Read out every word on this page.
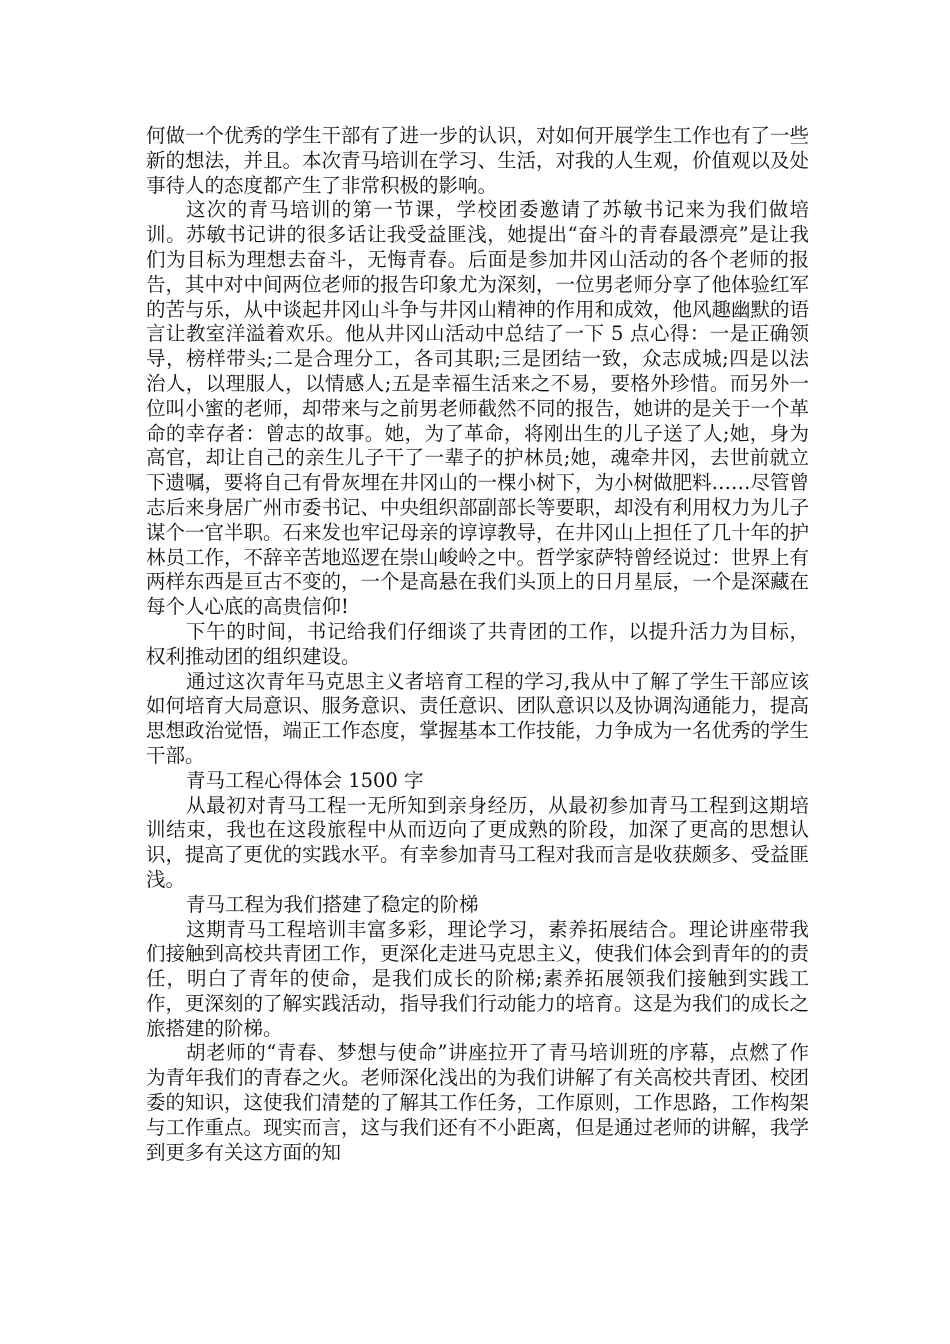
何做一个优秀的学生干部有了进一步的认识，对如何开展学生工作也有了一些新的想法，并且。本次青马培训在学习、生活，对我的人生观，价值观以及处事待人的态度都产生了非常积极的影响。

这次的青马培训的第一节课，学校团委邀请了苏敏书记来为我们做培训。苏敏书记讲的很多话让我受益匪浅，她提出“奋斗的青春最漂亮”是让我们为目标为理想去奋斗，无悔青春。后面是参加井冈山活动的各个老师的报告，其中对中间两位老师的报告印象尤为深刻，一位男老师分享了他体验红军的苦与乐，从中谈起井冈山斗争与井冈山精神的作用和成效，他风趣幽默的语言让教室洋溢着欢乐。他从井冈山活动中总结了一下 5 点心得：一是正确领导，榜样带头;二是合理分工，各司其职;三是团结一致，众志成城;四是以法治人，以理服人，以情感人;五是幸福生活来之不易，要格外珍惜。而另外一位叫小蜜的老师，却带来与之前男老师截然不同的报告，她讲的是关于一个革命的幸存者：曾志的故事。她，为了革命，将刚出生的儿子送了人;她，身为高官，却让自己的亲生儿子干了一辈子的护林员;她，魂牵井冈，去世前就立下遗嘱，要将自己有骨灰埋在井冈山的一棵小树下，为小树做肥料……尽管曾志后来身居广州市委书记、中央组织部副部长等要职，却没有利用权力为儿子谋个一官半职。石来发也牢记母亲的谆谆教导，在井冈山上担任了几十年的护林员工作，不辞辛苦地巡逻在崇山峻岭之中。哲学家萨特曾经说过：世界上有两样东西是亘古不变的，一个是高悬在我们头顶上的日月星辰，一个是深藏在每个人心底的高贵信仰!

下午的时间，书记给我们仔细谈了共青团的工作，以提升活力为目标，权利推动团的组织建设。

通过这次青年马克思主义者培育工程的学习,我从中了解了学生干部应该如何培育大局意识、服务意识、责任意识、团队意识以及协调沟通能力，提高思想政治觉悟，端正工作态度，掌握基本工作技能，力争成为一名优秀的学生干部。

青马工程心得体会 1500 字

从最初对青马工程一无所知到亲身经历，从最初参加青马工程到这期培训结束，我也在这段旅程中从而迈向了更成熟的阶段，加深了更高的思想认识，提高了更优的实践水平。有幸参加青马工程对我而言是收获颇多、受益匪浅。

青马工程为我们搭建了稳定的阶梯

这期青马工程培训丰富多彩，理论学习，素养拓展结合。理论讲座带我们接触到高校共青团工作，更深化走进马克思主义，使我们体会到青年的的责任，明白了青年的使命，是我们成长的阶梯;素养拓展领我们接触到实践工作，更深刻的了解实践活动，指导我们行动能力的培育。这是为我们的成长之旅搭建的阶梯。

胡老师的“青春、梦想与使命”讲座拉开了青马培训班的序幕，点燃了作为青年我们的青春之火。老师深化浅出的为我们讲解了有关高校共青团、校团委的知识，这使我们清楚的了解其工作任务，工作原则，工作思路，工作构架与工作重点。现实而言，这与我们还有不小距离，但是通过老师的讲解，我学到更多有关这方面的知
